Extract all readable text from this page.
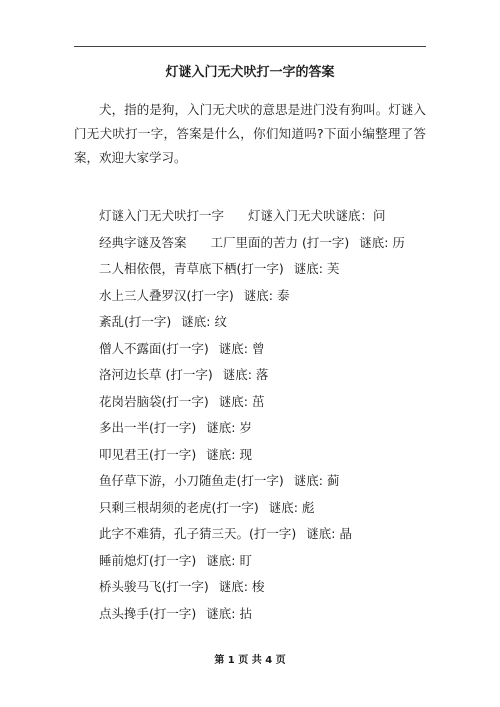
灯谜入门无犬吠打一字的答案

犬，指的是狗，入门无犬吠的意思是进门没有狗叫。灯谜入门无犬吠打一字，答案是什么，你们知道吗?下面小编整理了答案，欢迎大家学习。

灯谜入门无犬吠打一字 灯谜入门无犬吠谜底：问
经典字谜及答案 工厂里面的苦力 (打一字) 谜底: 历
二人相依偎，青草底下栖(打一字) 谜底: 芙
水上三人叠罗汉(打一字) 谜底: 泰
紊乱(打一字) 谜底: 纹
僧人不露面(打一字) 谜底: 曾
洛河边长草 (打一字) 谜底: 落
花岗岩脑袋(打一字) 谜底: 茁
多出一半(打一字) 谜底: 岁
叩见君王(打一字) 谜底: 现
鱼仔草下游，小刀随鱼走(打一字) 谜底: 蓟
只剩三根胡须的老虎(打一字) 谜底: 彪
此字不难猜，孔子猜三天。(打一字) 谜底: 晶
睡前熄灯(打一字) 谜底: 盯
桥头骏马飞(打一字) 谜底: 梭
点头搀手(打一字) 谜底: 拈
第 1 页 共 4 页
